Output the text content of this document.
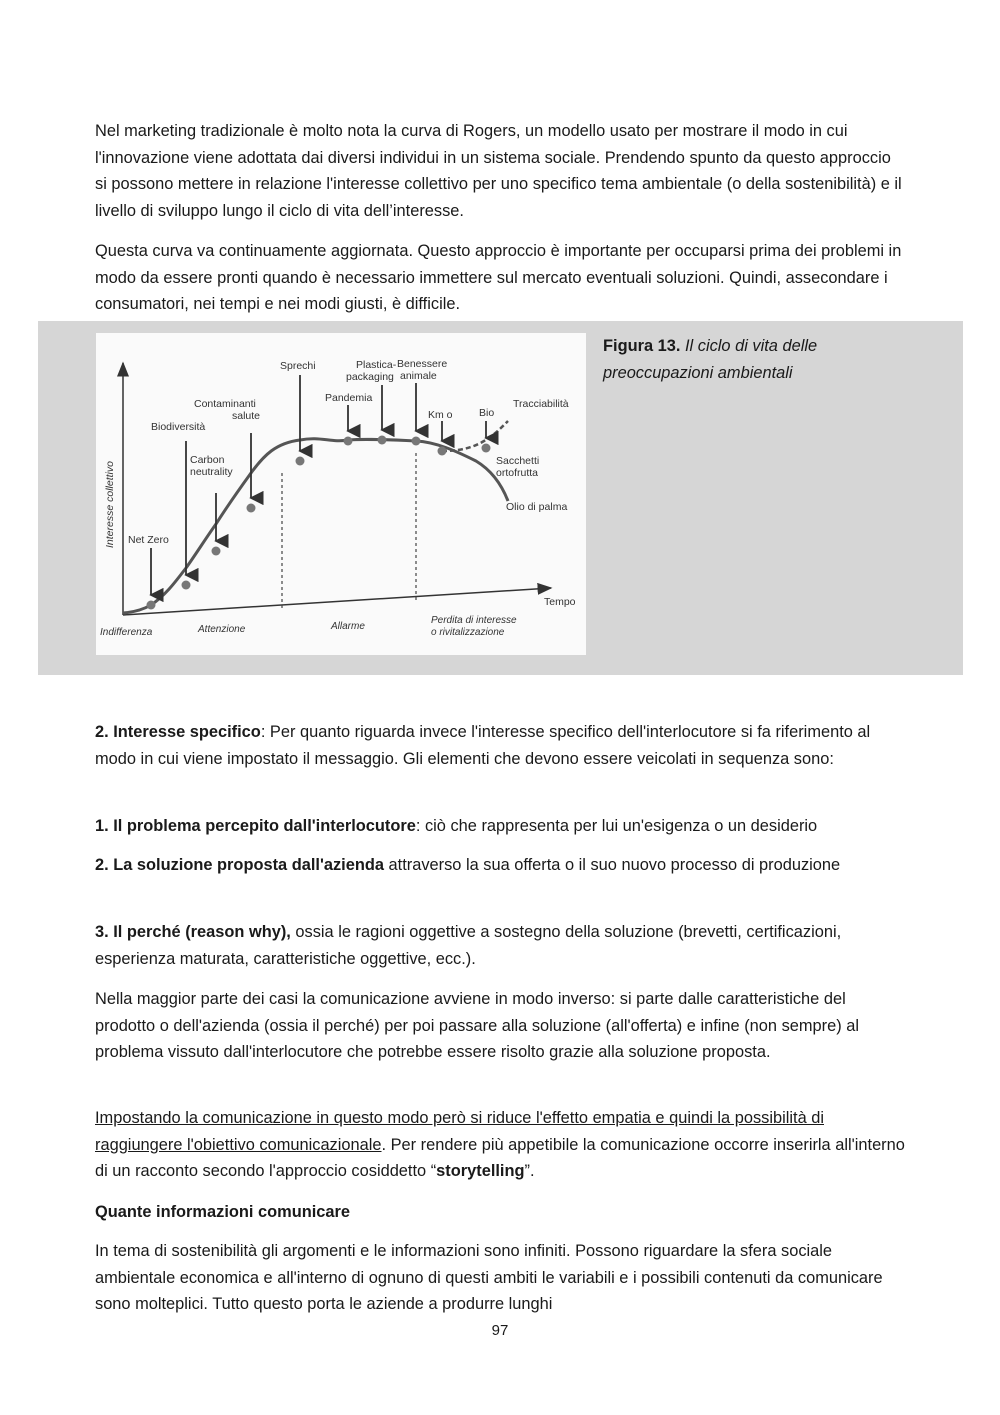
Nel marketing tradizionale è molto nota la curva di Rogers, un modello usato per mostrare il modo in cui l'innovazione viene adottata dai diversi individui in un sistema sociale. Prendendo spunto da questo approccio si possono mettere in relazione l'interesse collettivo per uno specifico tema ambientale (o della sostenibilità) e il livello di sviluppo lungo il ciclo di vita dell’interesse.

Questa curva va continuamente aggiornata. Questo approccio è importante per occuparsi prima dei problemi in modo da essere pronti quando è necessario immettere sul mercato eventuali soluzioni. Quindi, assecondare i consumatori, nei tempi e nei modi giusti, è difficile.

Net Zero
Carbon
neutrality
Biodiversità
Contaminanti
salute
Sprechi
Pandemia
Plastica-
packaging
Benessere
animale
Km o	Bio
Tracciabilità
Sacchetti
ortofrutta
Olio di palma
Tempo
Interesse collettivo
Indifferenza	Attenzione	Allarme
Perdita di interesse
o rivitalizzazione
Figura 13. Il ciclo di vita delle preoccupazioni ambientali

2. Interesse specifico: Per quanto riguarda invece l'interesse specifico dell'interlocutore si fa riferimento al modo in cui viene impostato il messaggio. Gli elementi che devono essere veicolati in sequenza sono:

1. Il problema percepito dall'interlocutore: ciò che rappresenta per lui un'esigenza o un desiderio

2. La soluzione proposta dall'azienda attraverso la sua offerta o il suo nuovo processo di produzione

3. Il perché (reason why), ossia le ragioni oggettive a sostegno della soluzione (brevetti, certificazioni, esperienza maturata, caratteristiche oggettive, ecc.).

Nella maggior parte dei casi la comunicazione avviene in modo inverso: si parte dalle caratteristiche del prodotto o dell'azienda (ossia il perché) per poi passare alla soluzione (all'offerta) e infine (non sempre) al problema vissuto dall'interlocutore che potrebbe essere risolto grazie alla soluzione proposta.

Impostando la comunicazione in questo modo però si riduce l'effetto empatia e quindi la possibilità di raggiungere l'obiettivo comunicazionale. Per rendere più appetibile la comunicazione occorre inserirla all'interno di un racconto secondo l'approccio cosiddetto “storytelling”.

Quante informazioni comunicare

In tema di sostenibilità gli argomenti e le informazioni sono infiniti. Possono riguardare la sfera sociale ambientale economica e all'interno di ognuno di questi ambiti le variabili e i possibili contenuti da comunicare sono molteplici. Tutto questo porta le aziende a produrre lunghi

97
